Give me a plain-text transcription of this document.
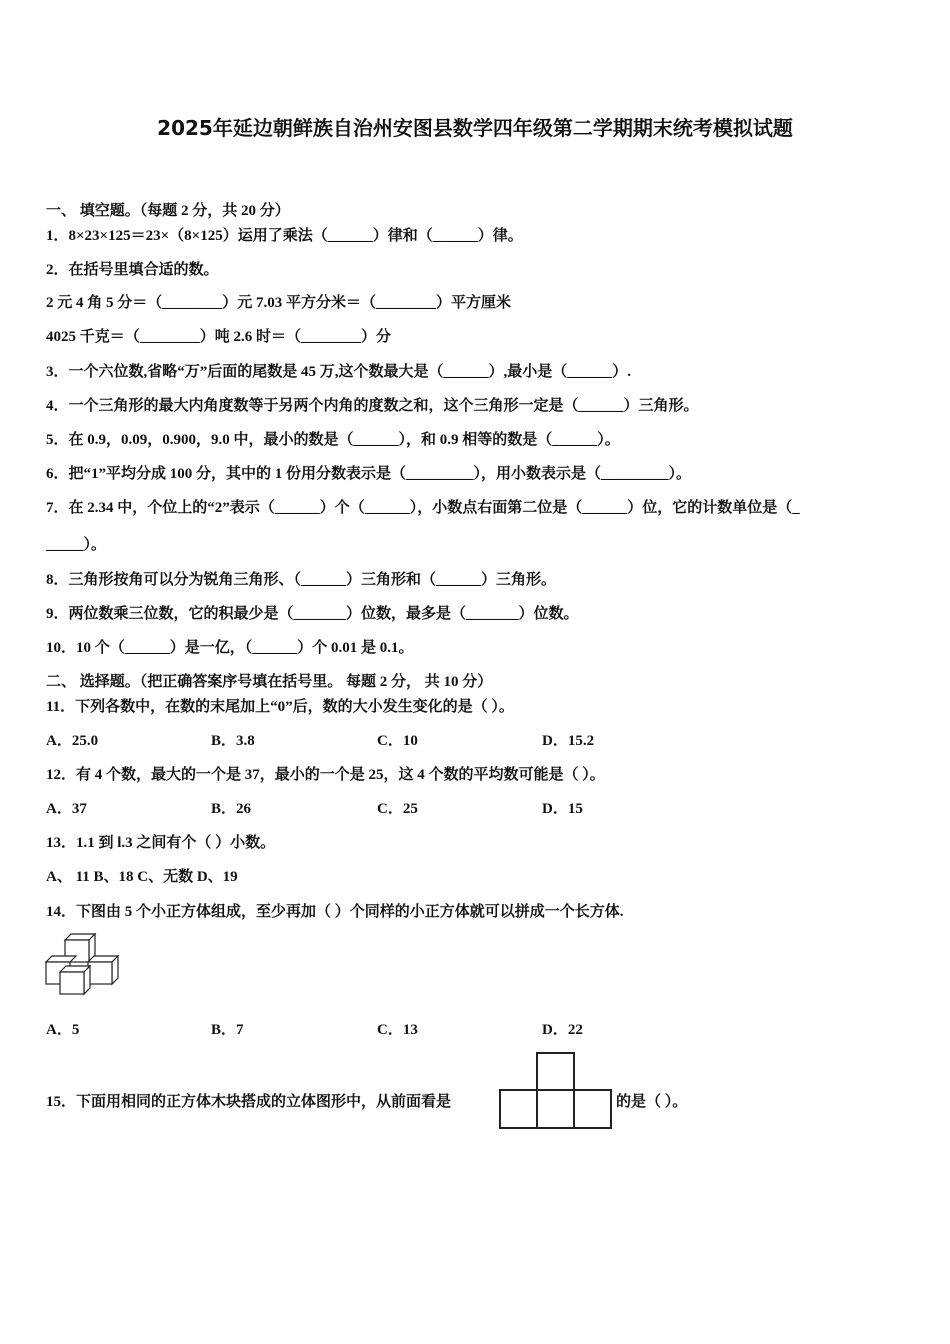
2025年延边朝鲜族自治州安图县数学四年级第二学期期末统考模拟试题
一、 填空题。（每题 2 分，共 20 分）
1．8×23×125＝23×（8×125）运用了乘法（______）律和（______）律。
2．在括号里填合适的数。
2 元 4 角 5 分＝（________）元 7.03 平方分米＝（________）平方厘米
4025 千克＝（________）吨 2.6 时＝（________）分
3．一个六位数,省略“万”后面的尾数是 45 万,这个数最大是（______）,最小是（______）.
4．一个三角形的最大内角度数等于另两个内角的度数之和，这个三角形一定是（______）三角形。
5．在 0.9，0.09，0.900，9.0 中，最小的数是（______），和 0.9 相等的数是（______）。
6．把“1”平均分成 100 分，其中的 1 份用分数表示是（_________），用小数表示是（_________）。
7．在 2.34 中，个位上的“2”表示（______）个（______），小数点右面第二位是（______）位，它的计数单位是（_
_____）。
8．三角形按角可以分为锐角三角形、（______）三角形和（______）三角形。
9．两位数乘三位数，它的积最少是（_______）位数，最多是（_______）位数。
10．10 个（______）是一亿，（______）个 0.01 是 0.1。
二、 选择题。（把正确答案序号填在括号里。 每题 2 分， 共 10 分）
11．下列各数中，在数的末尾加上“0”后，数的大小发生变化的是（ ）。
A．25.0	B．3.8	C．10	D．15.2
12．有 4 个数，最大的一个是 37，最小的一个是 25，这 4 个数的平均数可能是（ ）。
A．37	B．26	C．25	D．15
13．1.1 到 l.3 之间有个（ ）小数。
A、 11 B、18 C、无数 D、19
14．下图由 5 个小正方体组成，至少再加（ ）个同样的小正方体就可以拼成一个长方体.
A．5	B．7	C．13	D．22
15．下面用相同的正方体木块搭成的立体图形中，从前面看是	的是（ ）。
